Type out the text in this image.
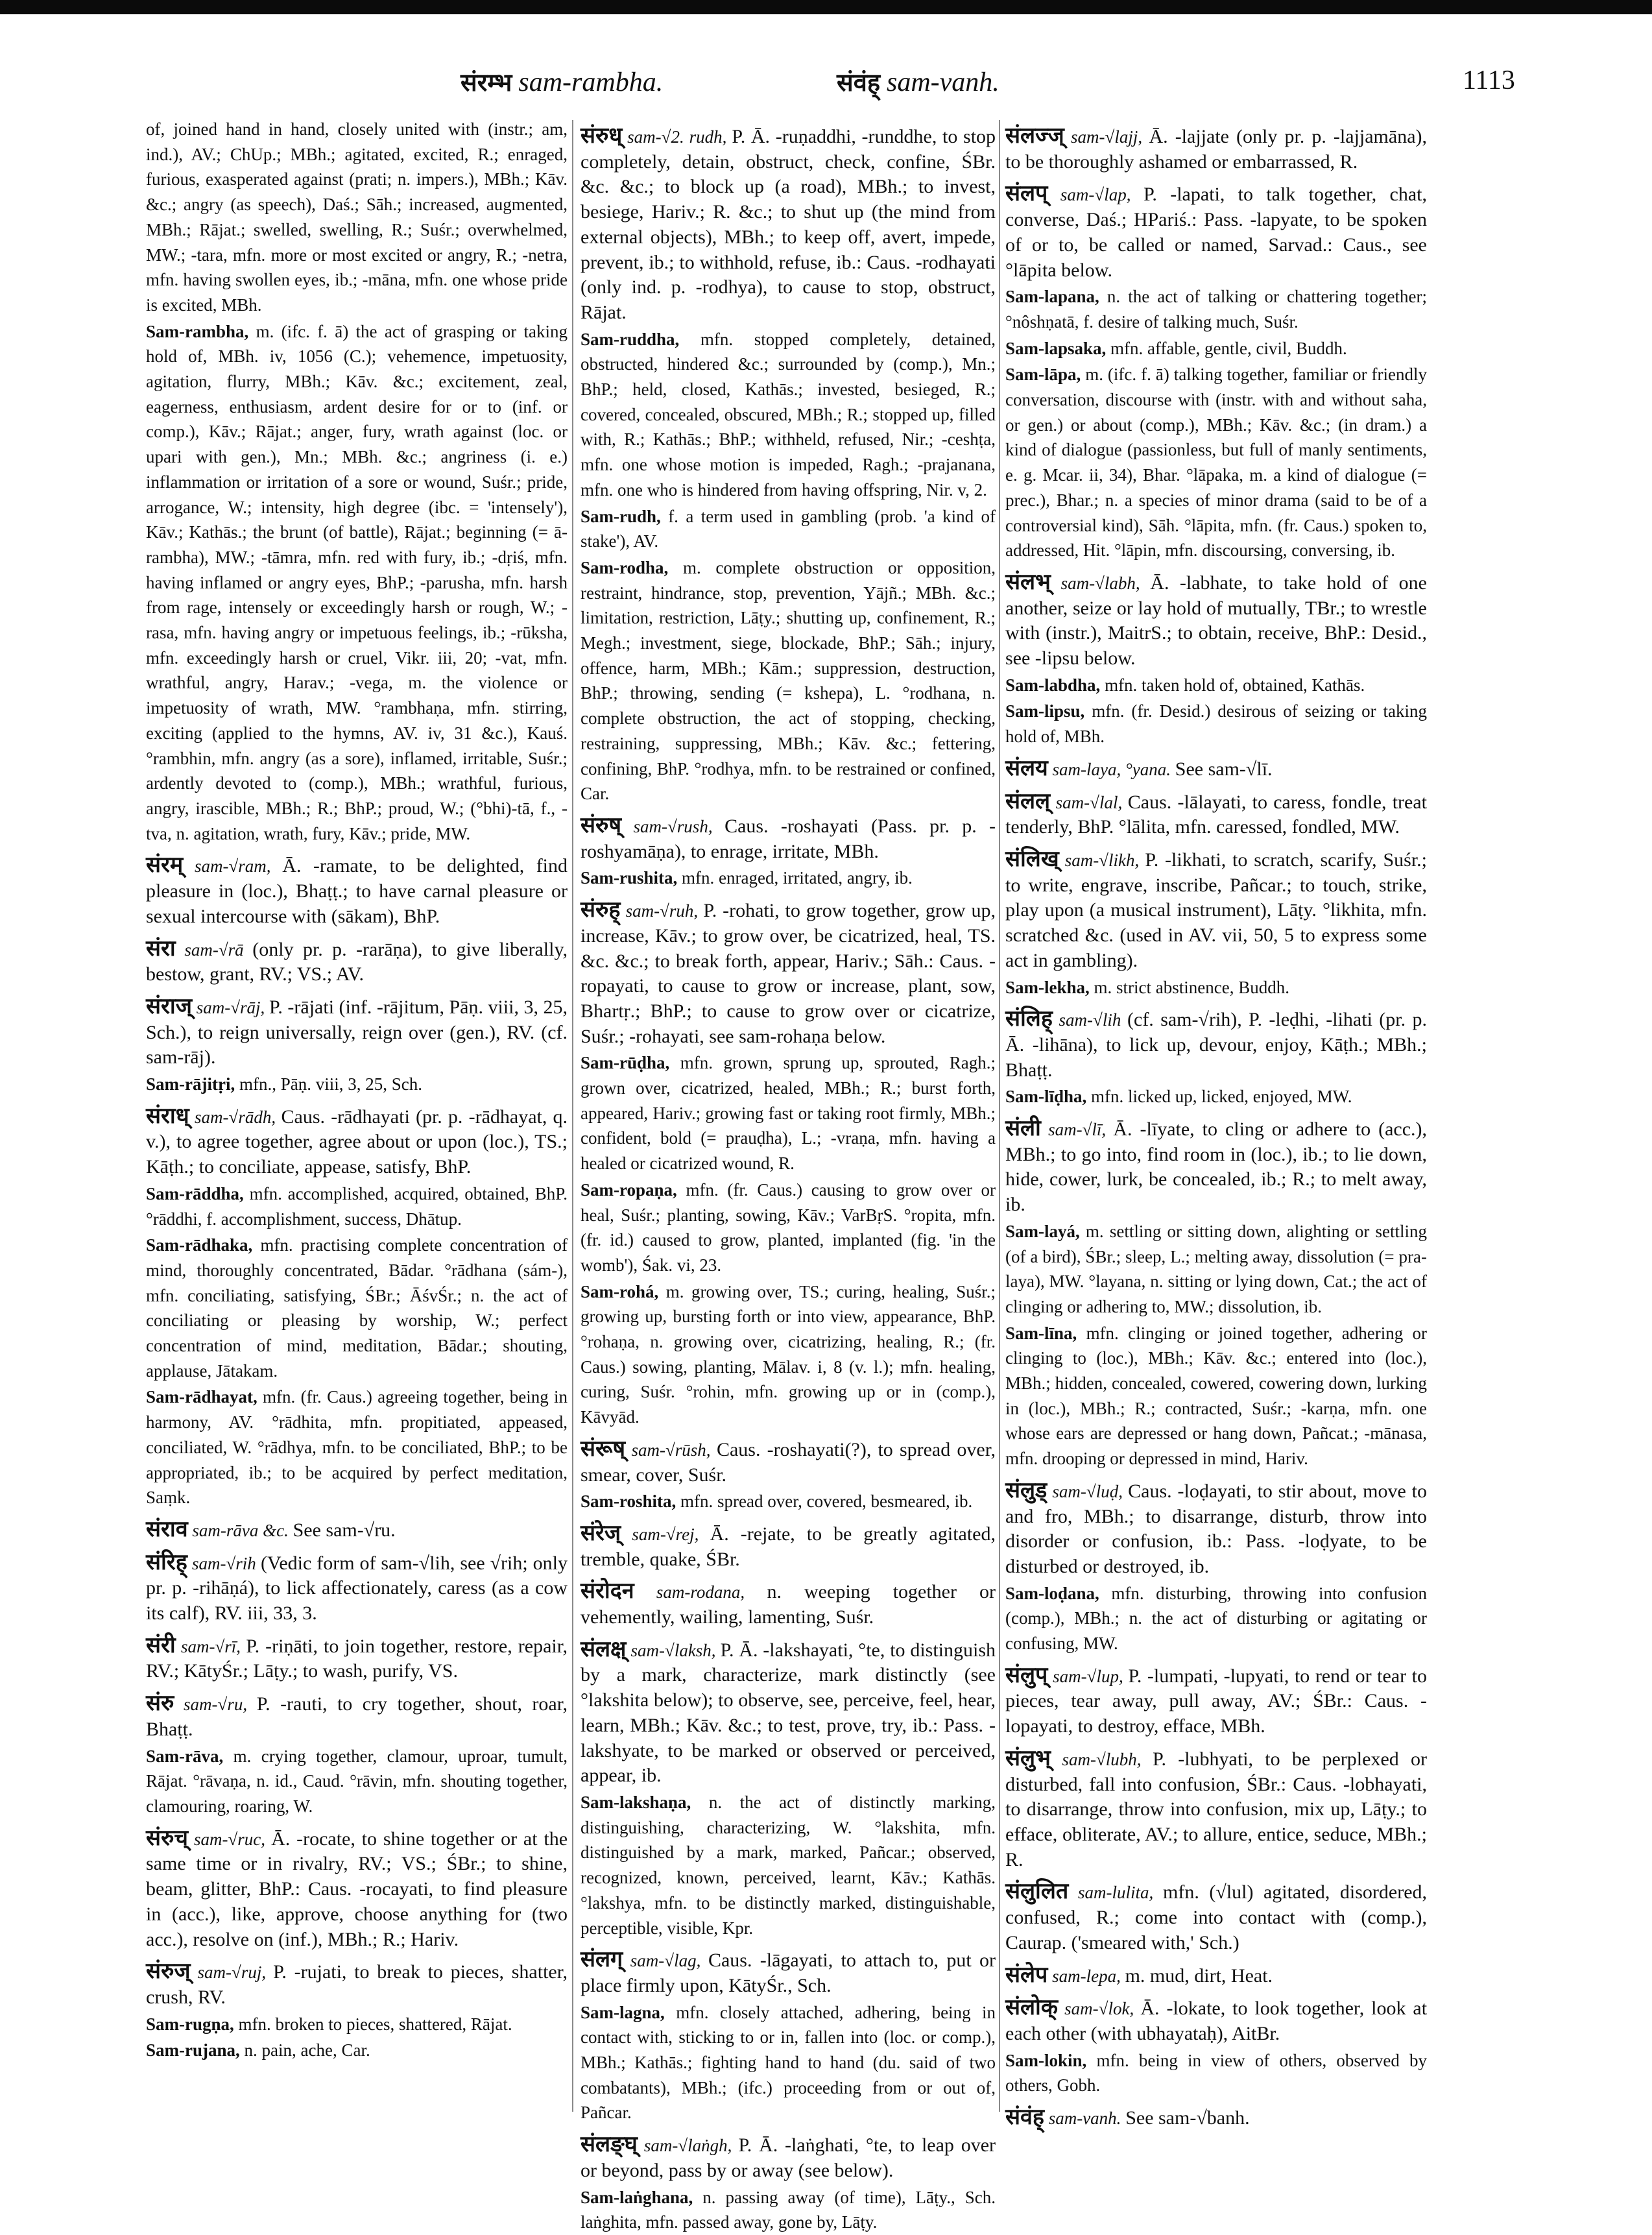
संरम्भ sam-rambha.	संवंह् sam-vanh.	1113

of, joined hand in hand, closely united with (instr.; am, ind.), AV.; ChUp.; MBh.; agitated, excited, R.; enraged, furious, exasperated against (prati; n. impers.), MBh.; Kāv. &c.; angry (as speech), Daś.; Sāh.; increased, augmented, MBh.; Rājat.; swelled, swelling, R.; Suśr.; overwhelmed, MW.; -tara, mfn. more or most excited or angry, R.; -netra, mfn. having swollen eyes, ib.; -māna, mfn. one whose pride is excited, MBh.

Sam-rambha, m. (ifc. f. ā) the act of grasping or taking hold of, MBh. iv, 1056 (C.); vehemence, impetuosity, agitation, flurry, MBh.; Kāv. &c.; excitement, zeal, eagerness, enthusiasm, ardent desire for or to (inf. or comp.), Kāv.; Rājat.; anger, fury, wrath against (loc. or upari with gen.), Mn.; MBh. &c.; angriness (i. e.) inflammation or irritation of a sore or wound, Suśr.; pride, arrogance, W.; intensity, high degree (ibc. = 'intensely'), Kāv.; Kathās.; the brunt (of battle), Rājat.; beginning (= ā-rambha), MW.; -tāmra, mfn. red with fury, ib.; -dṛiś, mfn. having inflamed or angry eyes, BhP.; -parusha, mfn. harsh from rage, intensely or exceedingly harsh or rough, W.; -rasa, mfn. having angry or impetuous feelings, ib.; -rūksha, mfn. exceedingly harsh or cruel, Vikr. iii, 20; -vat, mfn. wrathful, angry, Harav.; -vega, m. the violence or impetuosity of wrath, MW. °rambhaṇa, mfn. stirring, exciting (applied to the hymns, AV. iv, 31 &c.), Kauś. °rambhin, mfn. angry (as a sore), inflamed, irritable, Suśr.; ardently devoted to (comp.), MBh.; wrathful, furious, angry, irascible, MBh.; R.; BhP.; proud, W.; (°bhi)-tā, f., -tva, n. agitation, wrath, fury, Kāv.; pride, MW.

संरम् sam-√ram, Ā. -ramate, to be delighted, find pleasure in (loc.), Bhaṭṭ.; to have carnal pleasure or sexual intercourse with (sākam), BhP.

संरा sam-√rā (only pr. p. -rarāṇa), to give liberally, bestow, grant, RV.; VS.; AV.

संराज् sam-√rāj, P. -rājati (inf. -rājitum, Pāṇ. viii, 3, 25, Sch.), to reign universally, reign over (gen.), RV. (cf. sam-rāj).

Sam-rājitṛi, mfn., Pāṇ. viii, 3, 25, Sch.

संराध् sam-√rādh, Caus. -rādhayati (pr. p. -rādhayat, q. v.), to agree together, agree about or upon (loc.), TS.; Kāṭh.; to conciliate, appease, satisfy, BhP.

Sam-rāddha, mfn. accomplished, acquired, obtained, BhP. °rāddhi, f. accomplishment, success, Dhātup.

Sam-rādhaka, mfn. practising complete concentration of mind, thoroughly concentrated, Bādar. °rādhana (sám-), mfn. conciliating, satisfying, ŚBr.; ĀśvŚr.; n. the act of conciliating or pleasing by worship, W.; perfect concentration of mind, meditation, Bādar.; shouting, applause, Jātakam.

Sam-rādhayat, mfn. (fr. Caus.) agreeing together, being in harmony, AV. °rādhita, mfn. propitiated, appeased, conciliated, W. °rādhya, mfn. to be conciliated, BhP.; to be appropriated, ib.; to be acquired by perfect meditation, Saṃk.

संराव sam-rāva &c. See sam-√ru.

संरिह् sam-√rih (Vedic form of sam-√lih, see √rih; only pr. p. -rihāṇá), to lick affectionately, caress (as a cow its calf), RV. iii, 33, 3.

संरी sam-√rī, P. -riṇāti, to join together, restore, repair, RV.; KātyŚr.; Lāṭy.; to wash, purify, VS.

संरु sam-√ru, P. -rauti, to cry together, shout, roar, Bhaṭṭ.

Sam-rāva, m. crying together, clamour, uproar, tumult, Rājat. °rāvaṇa, n. id., Caud. °rāvin, mfn. shouting together, clamouring, roaring, W.

संरुच् sam-√ruc, Ā. -rocate, to shine together or at the same time or in rivalry, RV.; VS.; ŚBr.; to shine, beam, glitter, BhP.: Caus. -rocayati, to find pleasure in (acc.), like, approve, choose anything for (two acc.), resolve on (inf.), MBh.; R.; Hariv.

संरुज् sam-√ruj, P. -rujati, to break to pieces, shatter, crush, RV.

Sam-rugṇa, mfn. broken to pieces, shattered, Rājat.

Sam-rujana, n. pain, ache, Car.

संरुध् sam-√2. rudh, P. Ā. -ruṇaddhi, -runddhe, to stop completely, detain, obstruct, check, confine, ŚBr. &c. &c.; to block up (a road), MBh.; to invest, besiege, Hariv.; R. &c.; to shut up (the mind from external objects), MBh.; to keep off, avert, impede, prevent, ib.; to withhold, refuse, ib.: Caus. -rodhayati (only ind. p. -rodhya), to cause to stop, obstruct, Rājat.

Sam-ruddha, mfn. stopped completely, detained, obstructed, hindered &c.; surrounded by (comp.), Mn.; BhP.; held, closed, Kathās.; invested, besieged, R.; covered, concealed, obscured, MBh.; R.; stopped up, filled with, R.; Kathās.; BhP.; withheld, refused, Nir.; -ceshṭa, mfn. one whose motion is impeded, Ragh.; -prajanana, mfn. one who is hindered from having offspring, Nir. v, 2.

Sam-rudh, f. a term used in gambling (prob. 'a kind of stake'), AV.

Sam-rodha, m. complete obstruction or opposition, restraint, hindrance, stop, prevention, Yājñ.; MBh. &c.; limitation, restriction, Lāṭy.; shutting up, confinement, R.; Megh.; investment, siege, blockade, BhP.; Sāh.; injury, offence, harm, MBh.; Kām.; suppression, destruction, BhP.; throwing, sending (= kshepa), L. °rodhana, n. complete obstruction, the act of stopping, checking, restraining, suppressing, MBh.; Kāv. &c.; fettering, confining, BhP. °rodhya, mfn. to be restrained or confined, Car.

संरुष् sam-√rush, Caus. -roshayati (Pass. pr. p. -roshyamāṇa), to enrage, irritate, MBh.

Sam-rushita, mfn. enraged, irritated, angry, ib.

संरुह् sam-√ruh, P. -rohati, to grow together, grow up, increase, Kāv.; to grow over, be cicatrized, heal, TS. &c. &c.; to break forth, appear, Hariv.; Sāh.: Caus. -ropayati, to cause to grow or increase, plant, sow, Bhartṛ.; BhP.; to cause to grow over or cicatrize, Suśr.; -rohayati, see sam-rohaṇa below.

Sam-rūḍha, mfn. grown, sprung up, sprouted, Ragh.; grown over, cicatrized, healed, MBh.; R.; burst forth, appeared, Hariv.; growing fast or taking root firmly, MBh.; confident, bold (= prauḍha), L.; -vraṇa, mfn. having a healed or cicatrized wound, R.

Sam-ropaṇa, mfn. (fr. Caus.) causing to grow over or heal, Suśr.; planting, sowing, Kāv.; VarBṛS. °ropita, mfn. (fr. id.) caused to grow, planted, implanted (fig. 'in the womb'), Śak. vi, 23.

Sam-rohá, m. growing over, TS.; curing, healing, Suśr.; growing up, bursting forth or into view, appearance, BhP. °rohaṇa, n. growing over, cicatrizing, healing, R.; (fr. Caus.) sowing, planting, Mālav. i, 8 (v. l.); mfn. healing, curing, Suśr. °rohin, mfn. growing up or in (comp.), Kāvyād.

संरूष् sam-√rūsh, Caus. -roshayati(?), to spread over, smear, cover, Suśr.

Sam-roshita, mfn. spread over, covered, besmeared, ib.

संरेज् sam-√rej, Ā. -rejate, to be greatly agitated, tremble, quake, ŚBr.

संरोदन sam-rodana, n. weeping together or vehemently, wailing, lamenting, Suśr.

संलक्ष् sam-√laksh, P. Ā. -lakshayati, °te, to distinguish by a mark, characterize, mark distinctly (see °lakshita below); to observe, see, perceive, feel, hear, learn, MBh.; Kāv. &c.; to test, prove, try, ib.: Pass. -lakshyate, to be marked or observed or perceived, appear, ib.

Sam-lakshaṇa, n. the act of distinctly marking, distinguishing, characterizing, W. °lakshita, mfn. distinguished by a mark, marked, Pañcar.; observed, recognized, known, perceived, learnt, Kāv.; Kathās. °lakshya, mfn. to be distinctly marked, distinguishable, perceptible, visible, Kpr.

संलग् sam-√lag, Caus. -lāgayati, to attach to, put or place firmly upon, KātyŚr., Sch.

Sam-lagna, mfn. closely attached, adhering, being in contact with, sticking to or in, fallen into (loc. or comp.), MBh.; Kathās.; fighting hand to hand (du. said of two combatants), MBh.; (ifc.) proceeding from or out of, Pañcar.

संलङ्घ् sam-√laṅgh, P. Ā. -laṅghati, °te, to leap over or beyond, pass by or away (see below).

Sam-laṅghana, n. passing away (of time), Lāṭy., Sch. laṅghita, mfn. passed away, gone by, Lāṭy.

संलज्ज् sam-√lajj, Ā. -lajjate (only pr. p. -lajjamāna), to be thoroughly ashamed or embarrassed, R.

संलप् sam-√lap, P. -lapati, to talk together, chat, converse, Daś.; HPariś.: Pass. -lapyate, to be spoken of or to, be called or named, Sarvad.: Caus., see °lāpita below.

Sam-lapana, n. the act of talking or chattering together; °nôshṇatā, f. desire of talking much, Suśr.

Sam-lapsaka, mfn. affable, gentle, civil, Buddh.

Sam-lāpa, m. (ifc. f. ā) talking together, familiar or friendly conversation, discourse with (instr. with and without saha, or gen.) or about (comp.), MBh.; Kāv. &c.; (in dram.) a kind of dialogue (passionless, but full of manly sentiments, e. g. Mcar. ii, 34), Bhar. °lāpaka, m. a kind of dialogue (= prec.), Bhar.; n. a species of minor drama (said to be of a controversial kind), Sāh. °lāpita, mfn. (fr. Caus.) spoken to, addressed, Hit. °lāpin, mfn. discoursing, conversing, ib.

संलभ् sam-√labh, Ā. -labhate, to take hold of one another, seize or lay hold of mutually, TBr.; to wrestle with (instr.), MaitrS.; to obtain, receive, BhP.: Desid., see -lipsu below.

Sam-labdha, mfn. taken hold of, obtained, Kathās.

Sam-lipsu, mfn. (fr. Desid.) desirous of seizing or taking hold of, MBh.

संलय sam-laya, °yana. See sam-√lī.

संलल् sam-√lal, Caus. -lālayati, to caress, fondle, treat tenderly, BhP. °lālita, mfn. caressed, fondled, MW.

संलिख् sam-√likh, P. -likhati, to scratch, scarify, Suśr.; to write, engrave, inscribe, Pañcar.; to touch, strike, play upon (a musical instrument), Lāṭy. °likhita, mfn. scratched &c. (used in AV. vii, 50, 5 to express some act in gambling).

Sam-lekha, m. strict abstinence, Buddh.

संलिह् sam-√lih (cf. sam-√rih), P. -leḍhi, -lihati (pr. p. Ā. -lihāna), to lick up, devour, enjoy, Kāṭh.; MBh.; Bhaṭṭ.

Sam-līḍha, mfn. licked up, licked, enjoyed, MW.

संली sam-√lī, Ā. -līyate, to cling or adhere to (acc.), MBh.; to go into, find room in (loc.), ib.; to lie down, hide, cower, lurk, be concealed, ib.; R.; to melt away, ib.

Sam-layá, m. settling or sitting down, alighting or settling (of a bird), ŚBr.; sleep, L.; melting away, dissolution (= pra-laya), MW. °layana, n. sitting or lying down, Cat.; the act of clinging or adhering to, MW.; dissolution, ib.

Sam-līna, mfn. clinging or joined together, adhering or clinging to (loc.), MBh.; Kāv. &c.; entered into (loc.), MBh.; hidden, concealed, cowered, cowering down, lurking in (loc.), MBh.; R.; contracted, Suśr.; -karṇa, mfn. one whose ears are depressed or hang down, Pañcat.; -mānasa, mfn. drooping or depressed in mind, Hariv.

संलुड् sam-√luḍ, Caus. -loḍayati, to stir about, move to and fro, MBh.; to disarrange, disturb, throw into disorder or confusion, ib.: Pass. -loḍyate, to be disturbed or destroyed, ib.

Sam-loḍana, mfn. disturbing, throwing into confusion (comp.), MBh.; n. the act of disturbing or agitating or confusing, MW.

संलुप् sam-√lup, P. -lumpati, -lupyati, to rend or tear to pieces, tear away, pull away, AV.; ŚBr.: Caus. -lopayati, to destroy, efface, MBh.

संलुभ् sam-√lubh, P. -lubhyati, to be perplexed or disturbed, fall into confusion, ŚBr.: Caus. -lobhayati, to disarrange, throw into confusion, mix up, Lāṭy.; to efface, obliterate, AV.; to allure, entice, seduce, MBh.; R.

संलुलित sam-lulita, mfn. (√lul) agitated, disordered, confused, R.; come into contact with (comp.), Caurap. ('smeared with,' Sch.)

संलेप sam-lepa, m. mud, dirt, Heat.

संलोक् sam-√lok, Ā. -lokate, to look together, look at each other (with ubhayataḥ), AitBr.

Sam-lokin, mfn. being in view of others, observed by others, Gobh.

संवंह् sam-vanh. See sam-√banh.
